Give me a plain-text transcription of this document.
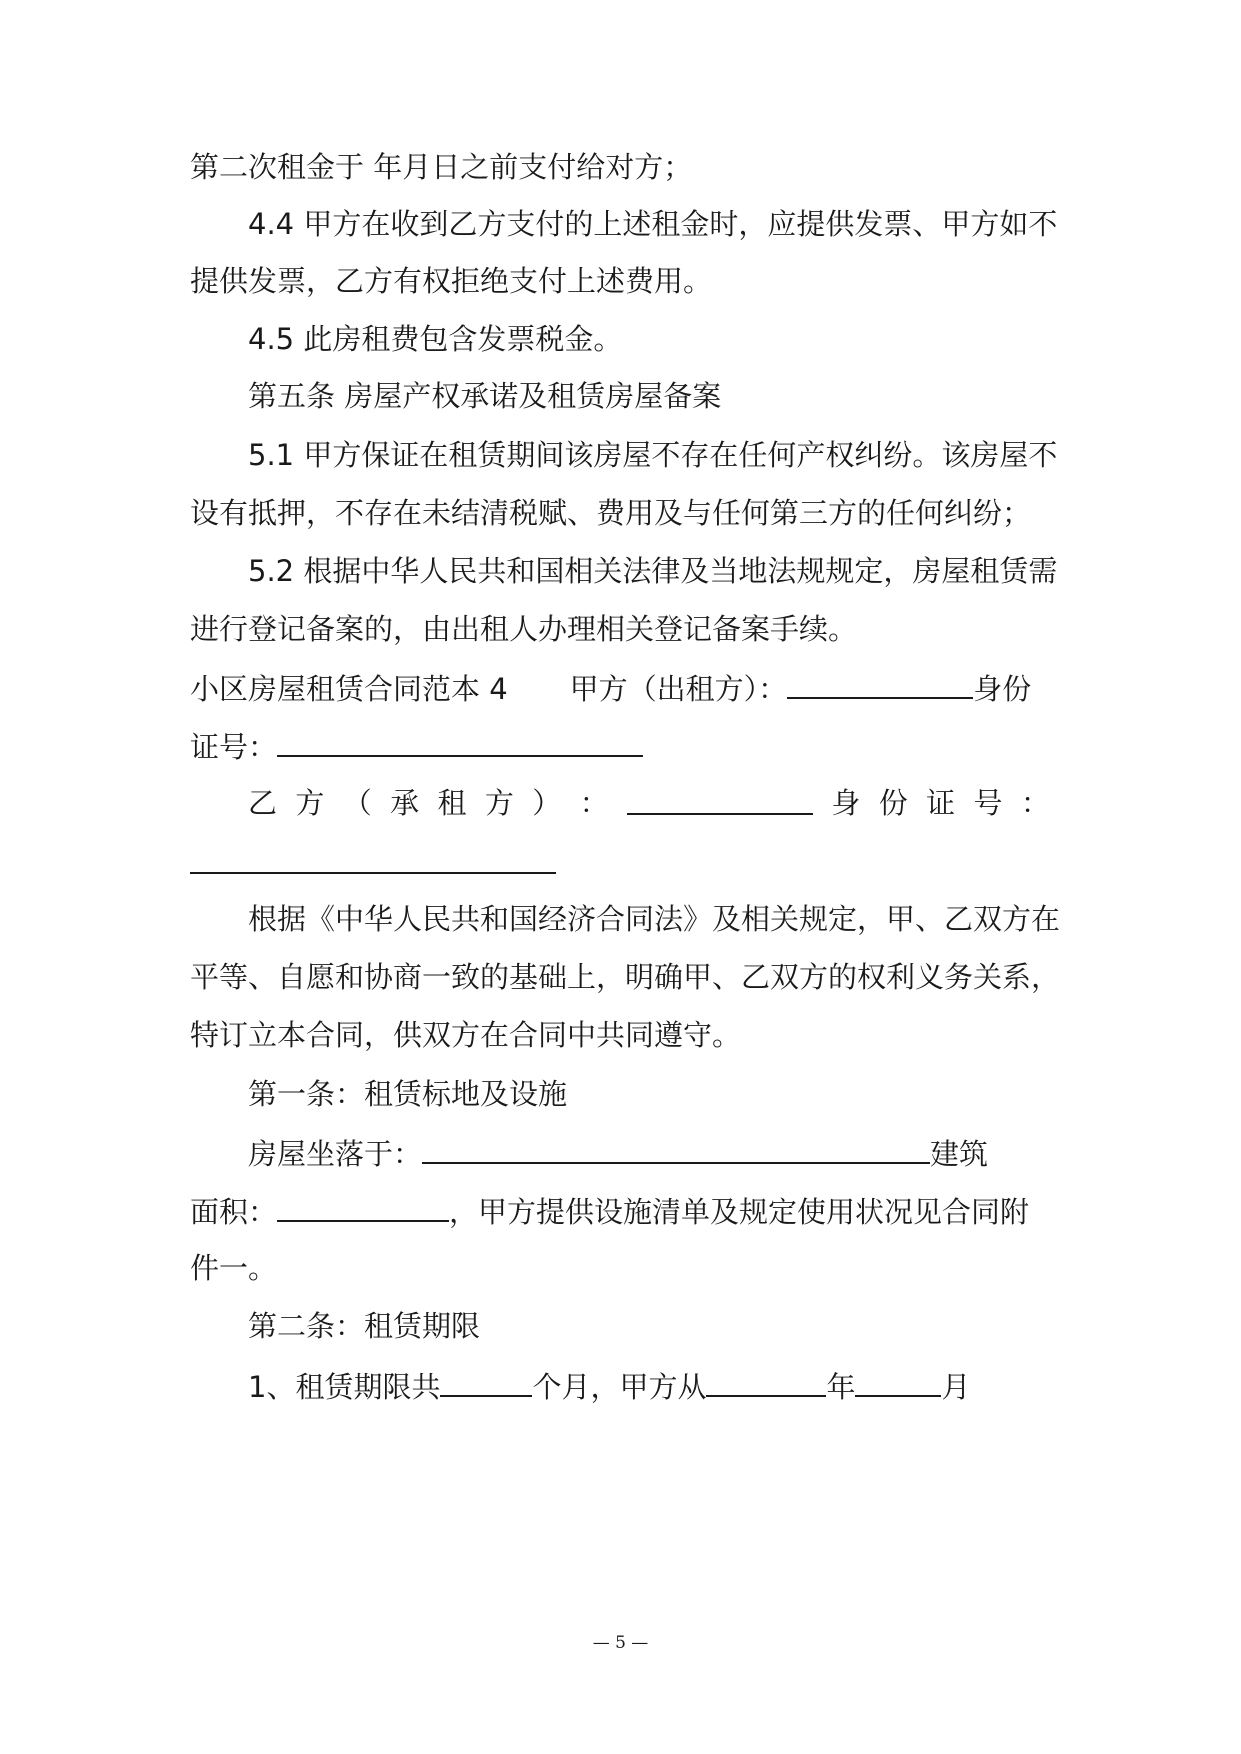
第二次租金于 年月日之前支付给对方；
4.4 甲方在收到乙方支付的上述租金时，应提供发票、甲方如不
提供发票，乙方有权拒绝支付上述费用。
4.5 此房租费包含发票税金。
第五条 房屋产权承诺及租赁房屋备案
5.1 甲方保证在租赁期间该房屋不存在任何产权纠纷。该房屋不
设有抵押，不存在未结清税赋、费用及与任何第三方的任何纠纷；
5.2 根据中华人民共和国相关法律及当地法规规定，房屋租赁需
进行登记备案的，由出租人办理相关登记备案手续。
小区房屋租赁合同范本 4 甲方（出租方）：	身份
证号：
乙 方 （ 承 租 方 ） ：	身 份 证 号 ：
根据《中华人民共和国经济合同法》及相关规定，甲、乙双方在
平等、自愿和协商一致的基础上，明确甲、乙双方的权利义务关系，
特订立本合同，供双方在合同中共同遵守。
第一条：租赁标地及设施
房屋坐落于：	建筑
面积：	，甲方提供设施清单及规定使用状况见合同附
件一。
第二条：租赁期限
1、租赁期限共	个月，甲方从	年	月
— 5 —
